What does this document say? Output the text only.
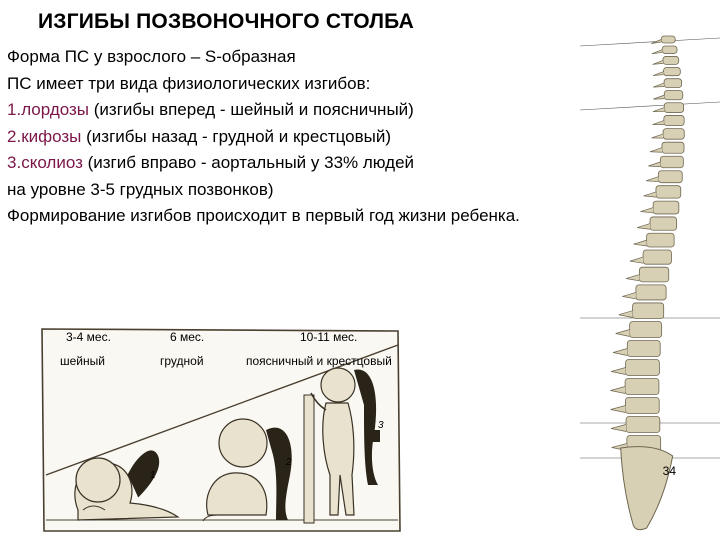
ИЗГИБЫ ПОЗВОНОЧНОГО СТОЛБА
Форма ПС у взрослого – S-образная
ПС имеет три вида физиологических изгибов:
1.лордозы (изгибы вперед - шейный и поясничный)
2.кифозы (изгибы назад - грудной и крестцовый)
3.сколиоз (изгиб вправо - аортальный у 33% людей
на уровне 3-5 грудных позвонков)
Формирование изгибов происходит в первый год жизни ребенка.
3-4 мес.	6 мес.	10-11 мес.
шейный	грудной	поясничный и крестцовый
1
2
3
34
